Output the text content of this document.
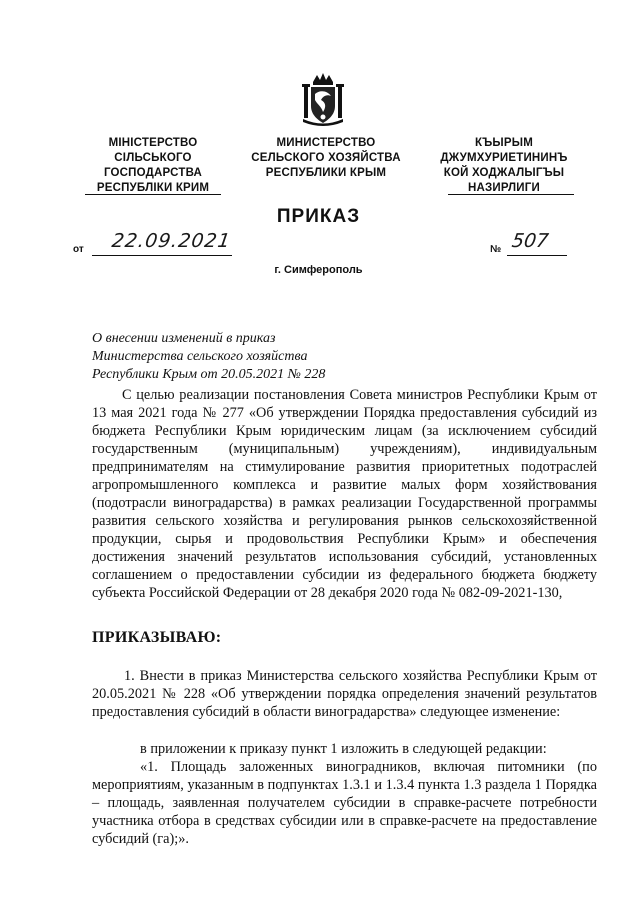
МІНІСТЕРСТВО
СІЛЬСЬКОГО
ГОСПОДАРСТВА
РЕСПУБЛІКИ КРИМ
МИНИСТЕРСТВО
СЕЛЬСКОГО ХОЗЯЙСТВА
РЕСПУБЛИКИ КРЫМ
КЪЫРЫМ
ДЖУМХУРИЕТИНИНЪ
КОЙ ХОДЖАЛЫГЪЫ
НАЗИРЛИГИ
ПРИКАЗ
от 22.09.2021	№ 507
г. Симферополь
О внесении изменений в приказ
Министерства сельского хозяйства
Республики Крым от 20.05.2021 № 228

С целью реализации постановления Совета министров Республики Крым от 13 мая 2021 года № 277 «Об утверждении Порядка предоставления субсидий из бюджета Республики Крым юридическим лицам (за исключением субсидий государственным (муниципальным) учреждениям), индивидуальным предпринимателям на стимулирование развития приоритетных подотраслей агропромышленного комплекса и развитие малых форм хозяйствования (подотрасли виноградарства) в рамках реализации Государственной программы развития сельского хозяйства и регулирования рынков сельскохозяйственной продукции, сырья и продовольствия Республики Крым» и обеспечения достижения значений результатов использования субсидий, установленных соглашением о предоставлении субсидии из федерального бюджета бюджету субъекта Российской Федерации от 28 декабря 2020 года № 082-09-2021-130,

ПРИКАЗЫВАЮ:

1. Внести в приказ Министерства сельского хозяйства Республики Крым от 20.05.2021 № 228 «Об утверждении порядка определения значений результатов предоставления субсидий в области виноградарства» следующее изменение:

в приложении к приказу пункт 1 изложить в следующей редакции:

«1. Площадь заложенных виноградников, включая питомники (по мероприятиям, указанным в подпунктах 1.3.1 и 1.3.4 пункта 1.3 раздела 1 Порядка – площадь, заявленная получателем субсидии в справке-расчете потребности участника отбора в средствах субсидии или в справке-расчете на предоставление субсидий (га);».
